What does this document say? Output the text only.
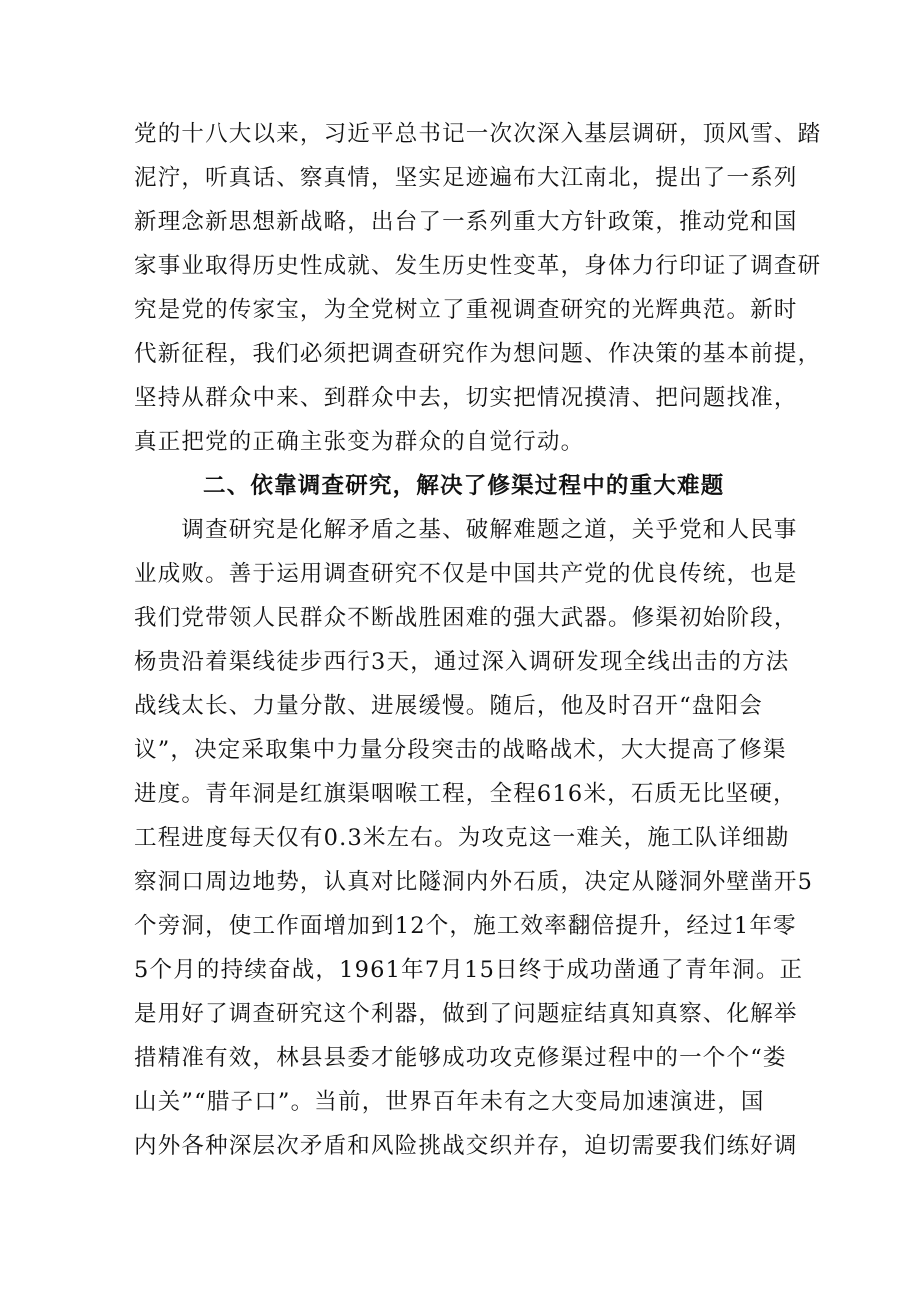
党的十八大以来，习近平总书记一次次深入基层调研，顶风雪、踏
泥泞，听真话、察真情，坚实足迹遍布大江南北，提出了一系列
新理念新思想新战略，出台了一系列重大方针政策，推动党和国
家事业取得历史性成就、发生历史性变革，身体力行印证了调查研
究是党的传家宝，为全党树立了重视调查研究的光辉典范。新时
代新征程，我们必须把调查研究作为想问题、作决策的基本前提，
坚持从群众中来、到群众中去，切实把情况摸清、把问题找准，
真正把党的正确主张变为群众的自觉行动。
二、依靠调查研究，解决了修渠过程中的重大难题
　　调查研究是化解矛盾之基、破解难题之道，关乎党和人民事
业成败。善于运用调查研究不仅是中国共产党的优良传统，也是
我们党带领人民群众不断战胜困难的强大武器。修渠初始阶段，
杨贵沿着渠线徒步西行3天，通过深入调研发现全线出击的方法
战线太长、力量分散、进展缓慢。随后，他及时召开“盘阳会
议”，决定采取集中力量分段突击的战略战术，大大提高了修渠
进度。青年洞是红旗渠咽喉工程，全程616米，石质无比坚硬，
工程进度每天仅有0.3米左右。为攻克这一难关，施工队详细勘
察洞口周边地势，认真对比隧洞内外石质，决定从隧洞外壁凿开5
个旁洞，使工作面增加到12个，施工效率翻倍提升，经过1年零
5个月的持续奋战，1961年7月15日终于成功凿通了青年洞。正
是用好了调查研究这个利器，做到了问题症结真知真察、化解举
措精准有效，林县县委才能够成功攻克修渠过程中的一个个“娄
山关”“腊子口”。当前，世界百年未有之大变局加速演进，国
内外各种深层次矛盾和风险挑战交织并存，迫切需要我们练好调
